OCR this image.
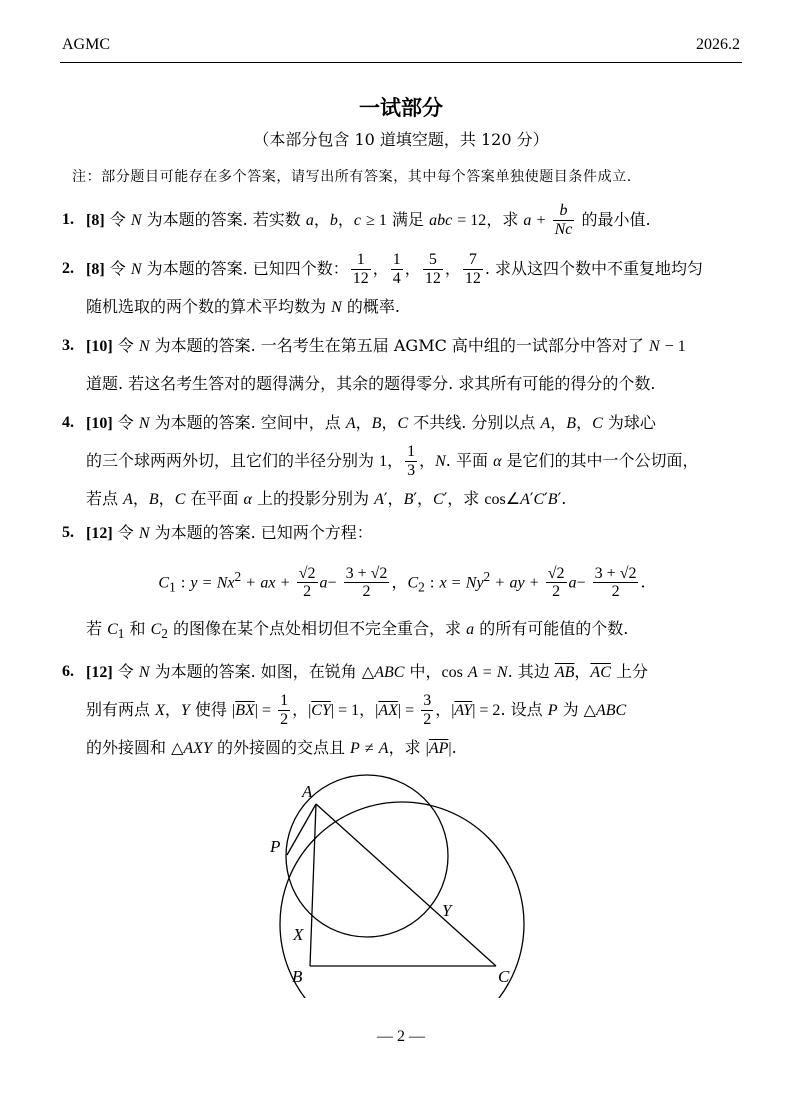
AGMC	2026.2
一试部分
（本部分包含 10 道填空题，共 120 分）
注：部分题目可能存在多个答案，请写出所有答案，其中每个答案单独使题目条件成立.
1. [8] 令 N 为本题的答案. 若实数 a，b，c ≥ 1 满足 abc = 12，求 $a + \frac{b}{Nc}$ 的最小值.
2. [8] 令 N 为本题的答案. 已知四个数： $\frac{1}{12}$ ， $\frac{1}{4}$ ， $\frac{5}{12}$ ， $\frac{7}{12}$ . 求从这四个数中不重复地均匀
随机选取的两个数的算术平均数为 N 的概率.
3. [10] 令 N 为本题的答案. 一名考生在第五届 AGMC 高中组的一试部分中答对了 N − 1
道题. 若这名考生答对的题得满分，其余的题得零分. 求其所有可能的得分的个数.
4. [10] 令 N 为本题的答案. 空间中，点 A，B，C 不共线. 分别以点 A，B，C 为球心
的三个球两两外切，且它们的半径分别为 1， $\frac{1}{3}$ ，N. 平面 α 是它们的其中一个公切面，
若点 A，B，C 在平面 α 上的投影分别为 A′，B′，C′，求 cos∠A′C′B′.
5. [12] 令 N 为本题的答案. 已知两个方程：
$C_1$ : $y = Nx^2$ + ax + $\frac{√2}{2} a- \frac{3 + √2}{2}$ ，$C_2$ : $x = Ny^2$ + ay + $\frac{√2}{2} a- \frac{3 + √2}{2}$ .
若 $C_1$ 和 $C_2$ 的图像在某个点处相切但不完全重合，求 a 的所有可能值的个数.
6. [12] 令 N 为本题的答案. 如图，在锐角 △ABC 中，cos A = N. 其边 $\overline{AB}$，$\overline{AC}$ 上分
别有两点 X，Y 使得 $|\overline{BX}| = \frac{1}{2}$ ，$|\overline{CY}| = 1$，$|\overline{AX}| = \frac{3}{2}$ ，$|\overline{AY}| = 2$. 设点 P 为 △ABC
的外接圆和 △AXY 的外接圆的交点且 P ≠ A，求 $|\overline{AP}|$.
A
B	C
P
X
Y
— 2 —
